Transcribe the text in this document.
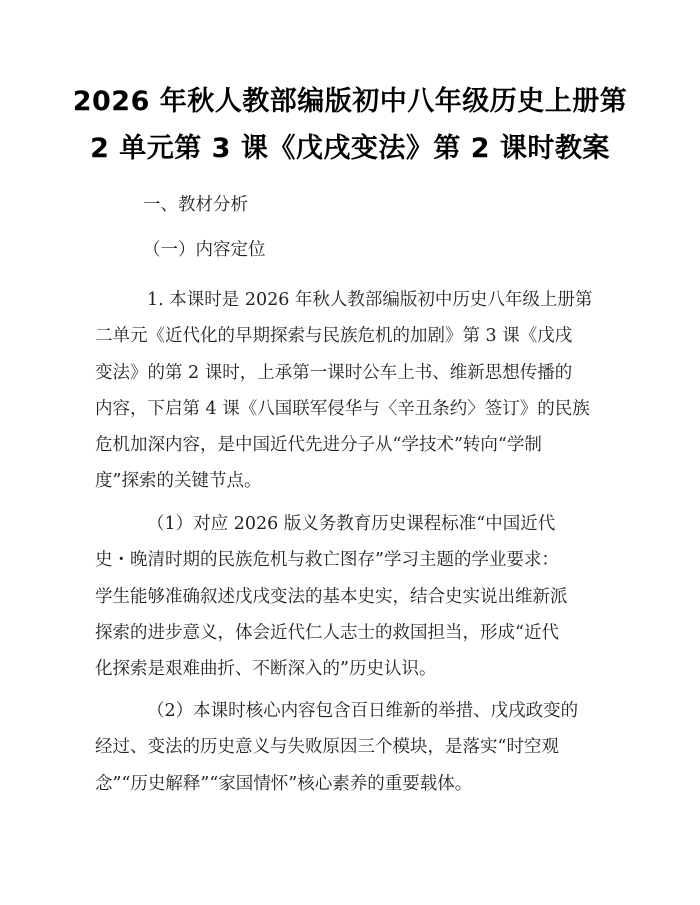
2026 年秋人教部编版初中八年级历史上册第
2 单元第 3 课《戊戌变法》第 2 课时教案
一、教材分析
（一）内容定位
1. 本课时是 2026 年秋人教部编版初中历史八年级上册第
二单元《近代化的早期探索与民族危机的加剧》第 3 课《戊戌
变法》的第 2 课时，上承第一课时公车上书、维新思想传播的
内容，下启第 4 课《八国联军侵华与〈辛丑条约〉签订》的民族
危机加深内容，是中国近代先进分子从“学技术”转向“学制
度”探索的关键节点。
（1）对应 2026 版义务教育历史课程标准“中国近代
史・晚清时期的民族危机与救亡图存”学习主题的学业要求：
学生能够准确叙述戊戌变法的基本史实，结合史实说出维新派
探索的进步意义，体会近代仁人志士的救国担当，形成“近代
化探索是艰难曲折、不断深入的”历史认识。
（2）本课时核心内容包含百日维新的举措、戊戌政变的
经过、变法的历史意义与失败原因三个模块，是落实“时空观
念”“历史解释”“家国情怀”核心素养的重要载体。
